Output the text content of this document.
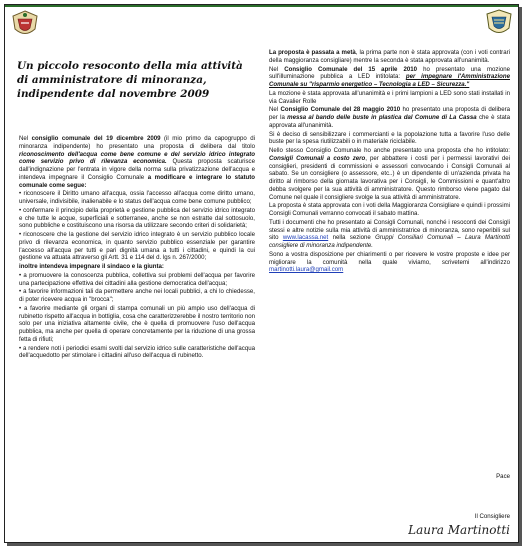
Un piccolo resoconto della mia attività di amministratore di minoranza, indipendente dal novembre 2009

Nel consiglio comunale del 19 dicembre 2009 (il mio primo da capogruppo di minoranza indipendente) ho presentato una proposta di delibera dal titolo riconoscimento dell'acqua come bene comune e del servizio idrico integrato come servizio privo di rilevanza economica. Questa proposta scaturisce dall'indignazione per l'entrata in vigore della norma sulla privatizzazione dell'acqua e intendeva impegnare il Consiglio Comunale a modificare e integrare lo statuto comunale come segue:

• riconoscere il Diritto umano all'acqua, ossia l'accesso all'acqua come diritto umano, universale, indivisibile, inalienabile e lo status dell'acqua come bene comune pubblico;

• confermare il principio della proprietà e gestione pubblica del servizio idrico integrato e che tutte le acque, superficiali e sotterranee, anche se non estratte dal sottosuolo, sono pubbliche e costituiscono una risorsa da utilizzare secondo criteri di solidarietà;

• riconoscere che la gestione del servizio idrico integrato è un servizio pubblico locale privo di rilevanza economica, in quanto servizio pubblico essenziale per garantire l'accesso all'acqua per tutti e pari dignità umana a tutti i cittadini, e quindi la cui gestione va attuata attraverso gli Artt. 31 e 114 del d. lgs n. 267/2000;

inoltre intendeva impegnare il sindaco e la giunta:

• a promuovere la conoscenza pubblica, collettiva sui problemi dell'acqua per favorire una partecipazione effettiva dei cittadini alla gestione democratica dell'acqua;

• a favorire informazioni tali da permettere anche nei locali pubblici, a chi lo chiedesse, di poter ricevere acqua in "brocca";

• a favorire mediante gli organi di stampa comunali un più ampio uso dell'acqua di rubinetto rispetto all'acqua in bottiglia, cosa che caratterizzerebbe il nostro territorio non solo per una iniziativa altamente civile, che è quella di promuovere l'uso dell'acqua pubblica, ma anche per quella di operare concretamente per la riduzione di una grossa fetta di rifiuti;

• a rendere noti i periodici esami svolti dal servizio idrico sulle caratteristiche dell'acqua dell'acquedotto per stimolare i cittadini all'uso dell'acqua di rubinetto.

La proposta è passata a metà, la prima parte non è stata approvata (con i voti contrari della maggioranza consigliare) mentre la seconda è stata approvata all'unanimità.

Nel Consiglio Comunale del 15 aprile 2010 ho presentato una mozione sull'illuminazione pubblica a LED intitolata: per impegnare l'Amministrazione Comunale su "risparmio energetico – Tecnologia a LED – Sicurezza."

La mozione è stata approvata all'unanimità e i primi lampioni a LED sono stati installati in via Cavalier Rolle

Nel Consiglio Comunale del 28 maggio 2010 ho presentato una proposta di delibera per la messa al bando delle buste in plastica dal Comune di La Cassa che è stata approvata all'unanimità.

Si è deciso di sensibilizzare i commercianti e la popolazione tutta a favorire l'uso delle buste per la spesa riutilizzabili o in materiale riciclabile.

Nello stesso Consiglio Comunale ho anche presentato una proposta che ho intitolato: Consigli Comunali a costo zero, per abbattere i costi per i permessi lavorativi dei consiglieri, presidenti di commissioni e assessori convocando i Consigli Comunali al sabato. Se un consigliere (o assessore, etc..) è un dipendente di un'azienda privata ha diritto al rimborso della giornata lavorativa per i Consigli, le Commissioni e quant'altro debba svolgere per la sua attività di amministratore. Questo rimborso viene pagato dal Comune nel quale il consigliere svolge la sua attività di amministratore.

La proposta è stata approvata con i voti della Maggioranza Consigliare e quindi i prossimi Consigli Comunali verranno convocati il sabato mattina.

Tutti i documenti che ho presentato ai Consigli Comunali, nonché i resoconti dei Consigli stessi e altre notizie sulla mia attività di amministratrice di minoranza, sono reperibili sul sito www.lacassa.net nella sezione Gruppi Consiliari Comunali – Laura Martinotti consigliere di minoranza indipendente.

Sono a vostra disposizione per chiarimenti o per ricevere le vostre proposte e idee per migliorare la comunità nella quale viviamo, scrivetemi all'indirizzo martinotti.laura@gmail.com

Pace
Il Consigliere
Laura Martinotti
